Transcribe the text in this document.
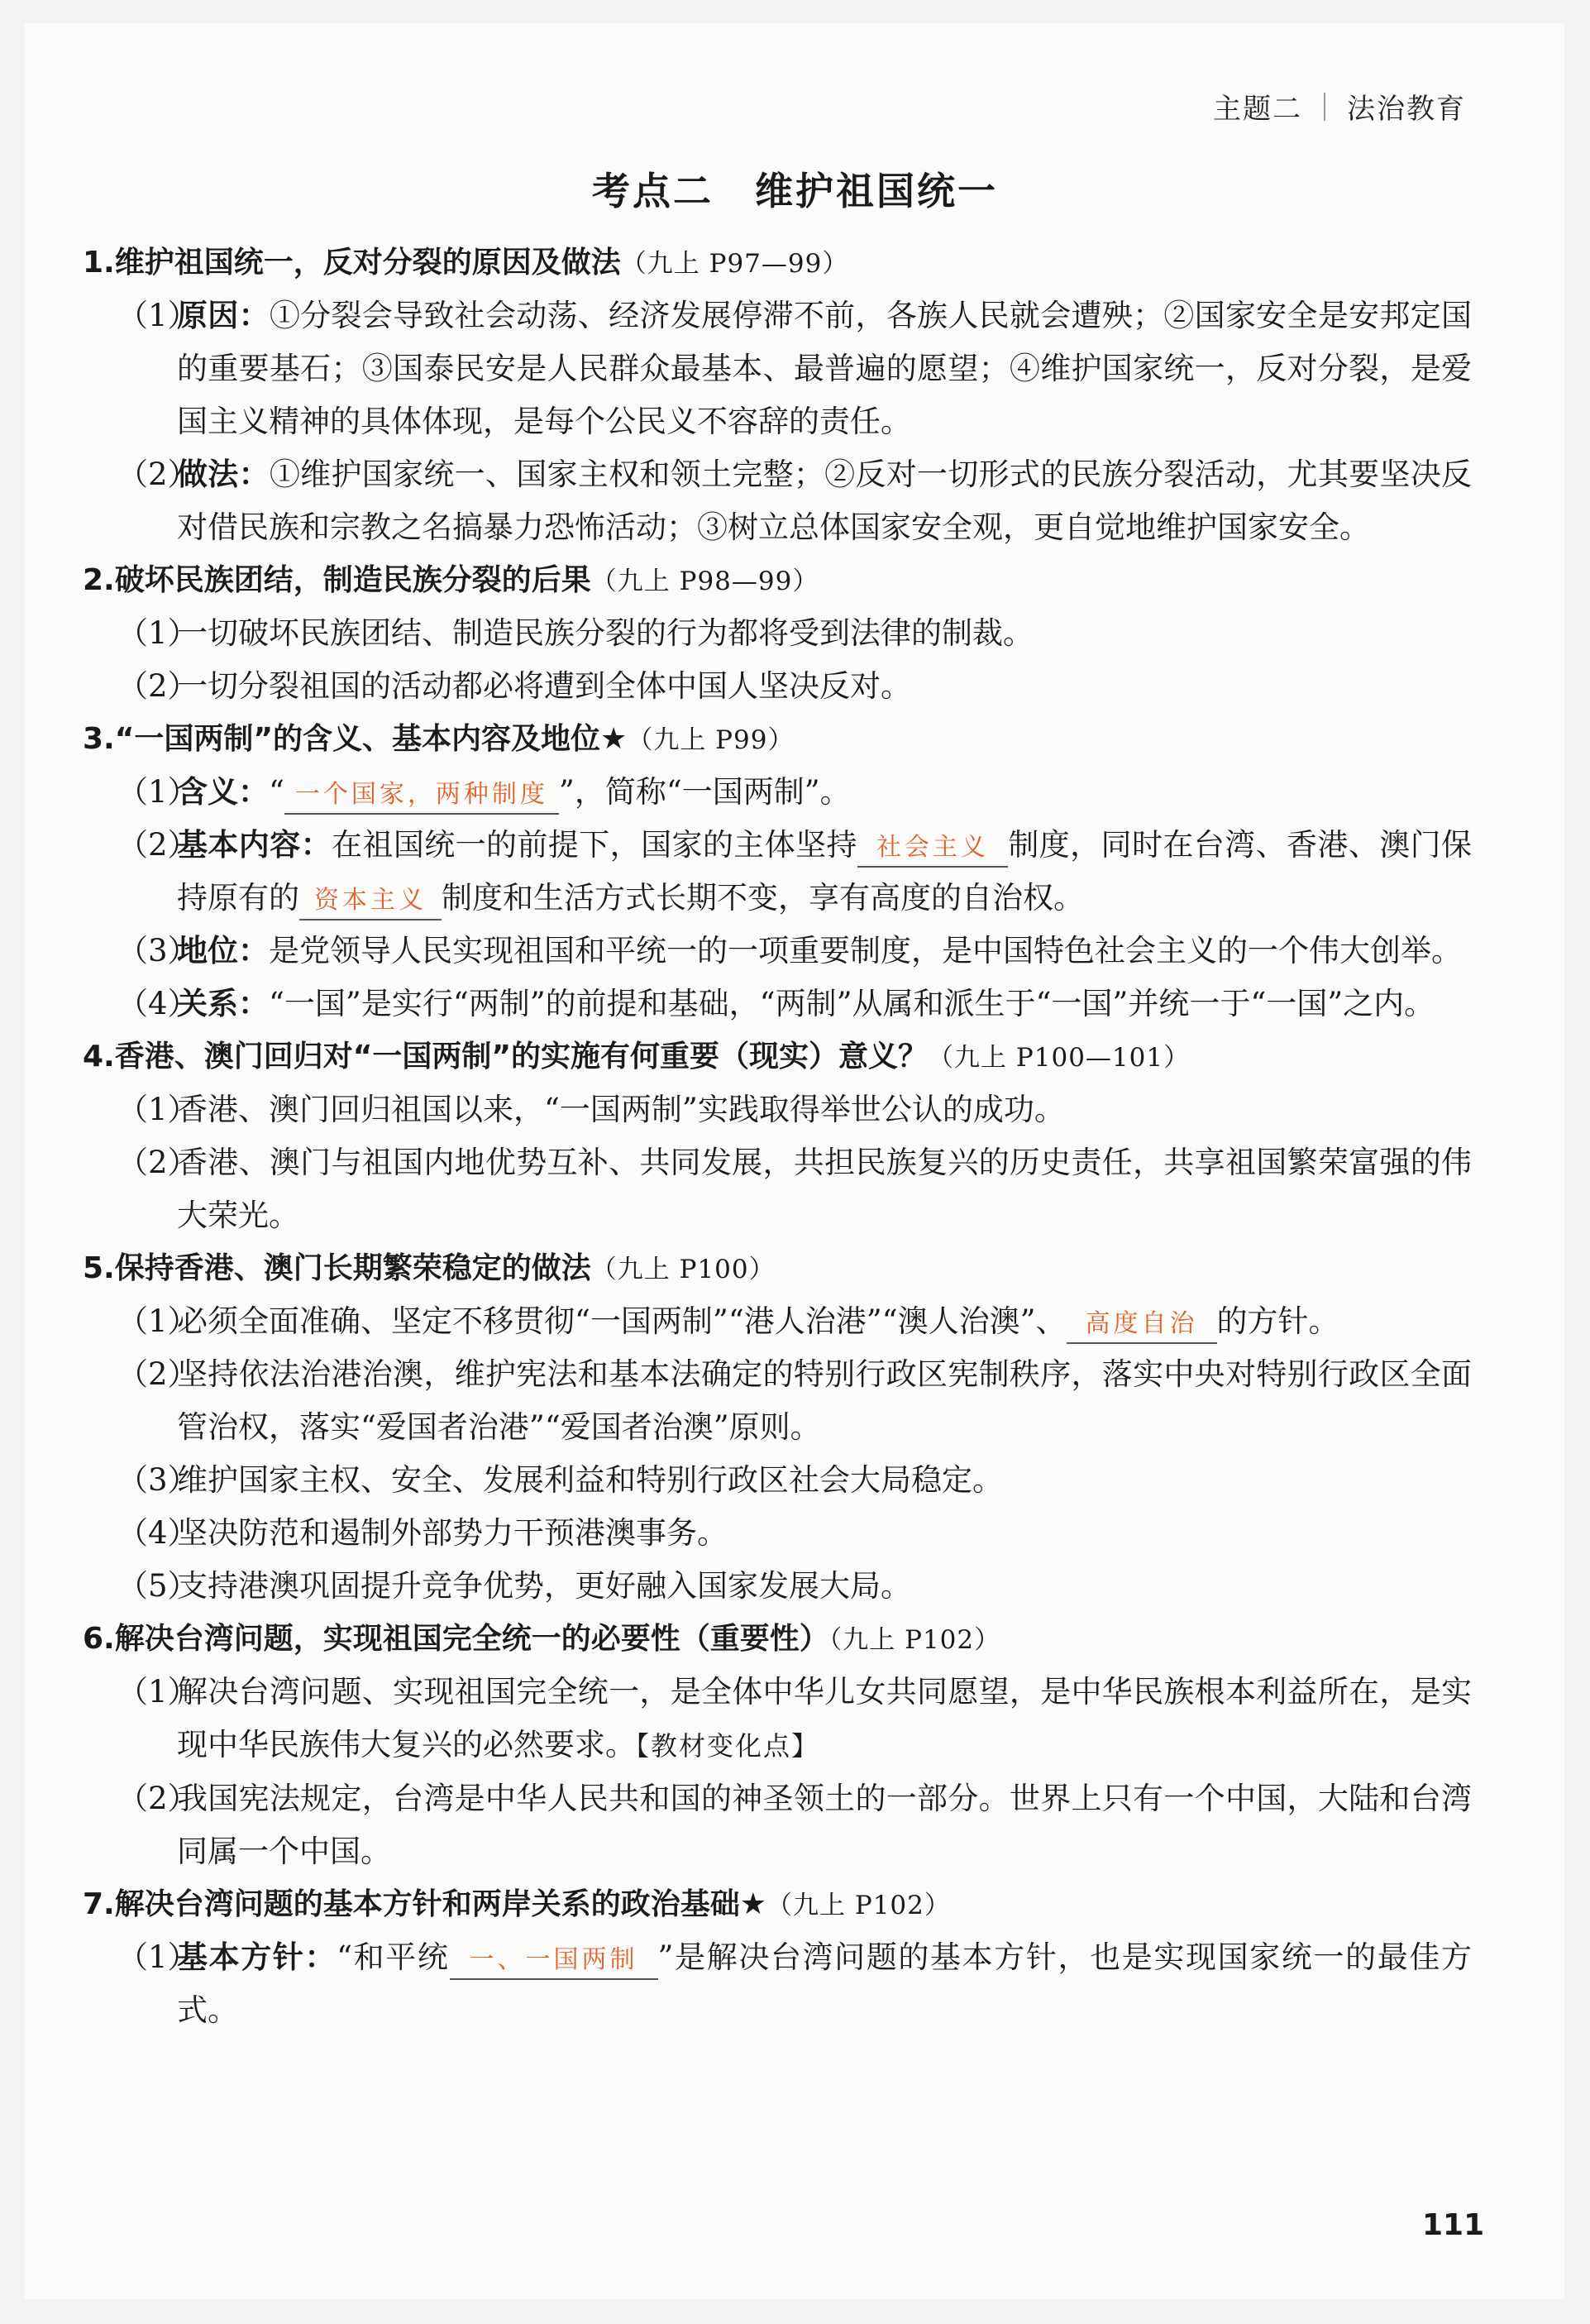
主题二 法治教育
考点二 维护祖国统一
1.维护祖国统一，反对分裂的原因及做法（九上 P97—99）
（1）
原因：①分裂会导致社会动荡、经济发展停滞不前，各族人民就会遭殃；②国家安全是安邦定国的重要基石；③国泰民安是人民群众最基本、最普遍的愿望；④维护国家统一，反对分裂，是爱国主义精神的具体体现，是每个公民义不容辞的责任。
（2）
做法：①维护国家统一、国家主权和领土完整；②反对一切形式的民族分裂活动，尤其要坚决反对借民族和宗教之名搞暴力恐怖活动；③树立总体国家安全观，更自觉地维护国家安全。
2.破坏民族团结，制造民族分裂的后果（九上 P98—99）
（1）
一切破坏民族团结、制造民族分裂的行为都将受到法律的制裁。
（2）
一切分裂祖国的活动都必将遭到全体中国人坚决反对。
3.“一国两制”的含义、基本内容及地位★（九上 P99）
（1）
含义：“ 一个国家，两种制度 ”，简称“一国两制”。
（2）
基本内容：在祖国统一的前提下，国家的主体坚持 社会主义 制度，同时在台湾、香港、澳门保持原有的 资本主义 制度和生活方式长期不变，享有高度的自治权。
（3）
地位：是党领导人民实现祖国和平统一的一项重要制度，是中国特色社会主义的一个伟大创举。
（4）
关系：“一国”是实行“两制”的前提和基础，“两制”从属和派生于“一国”并统一于“一国”之内。
4.香港、澳门回归对“一国两制”的实施有何重要（现实）意义？（九上 P100—101）
（1）
香港、澳门回归祖国以来，“一国两制”实践取得举世公认的成功。
（2）
香港、澳门与祖国内地优势互补、共同发展，共担民族复兴的历史责任，共享祖国繁荣富强的伟大荣光。
5.保持香港、澳门长期繁荣稳定的做法（九上 P100）
（1）
必须全面准确、坚定不移贯彻“一国两制”“港人治港”“澳人治澳”、 高度自治 的方针。
（2）
坚持依法治港治澳，维护宪法和基本法确定的特别行政区宪制秩序，落实中央对特别行政区全面管治权，落实“爱国者治港”“爱国者治澳”原则。
（3）
维护国家主权、安全、发展利益和特别行政区社会大局稳定。
（4）
坚决防范和遏制外部势力干预港澳事务。
（5）
支持港澳巩固提升竞争优势，更好融入国家发展大局。
6.解决台湾问题，实现祖国完全统一的必要性（重要性）（九上 P102）
（1）
解决台湾问题、实现祖国完全统一，是全体中华儿女共同愿望，是中华民族根本利益所在，是实现中华民族伟大复兴的必然要求。【教材变化点】
（2）
我国宪法规定，台湾是中华人民共和国的神圣领土的一部分。世界上只有一个中国，大陆和台湾同属一个中国。
7.解决台湾问题的基本方针和两岸关系的政治基础★（九上 P102）
（1）
基本方针：“和平统 一、一国两制 ”是解决台湾问题的基本方针，也是实现国家统一的最佳方式。
111
